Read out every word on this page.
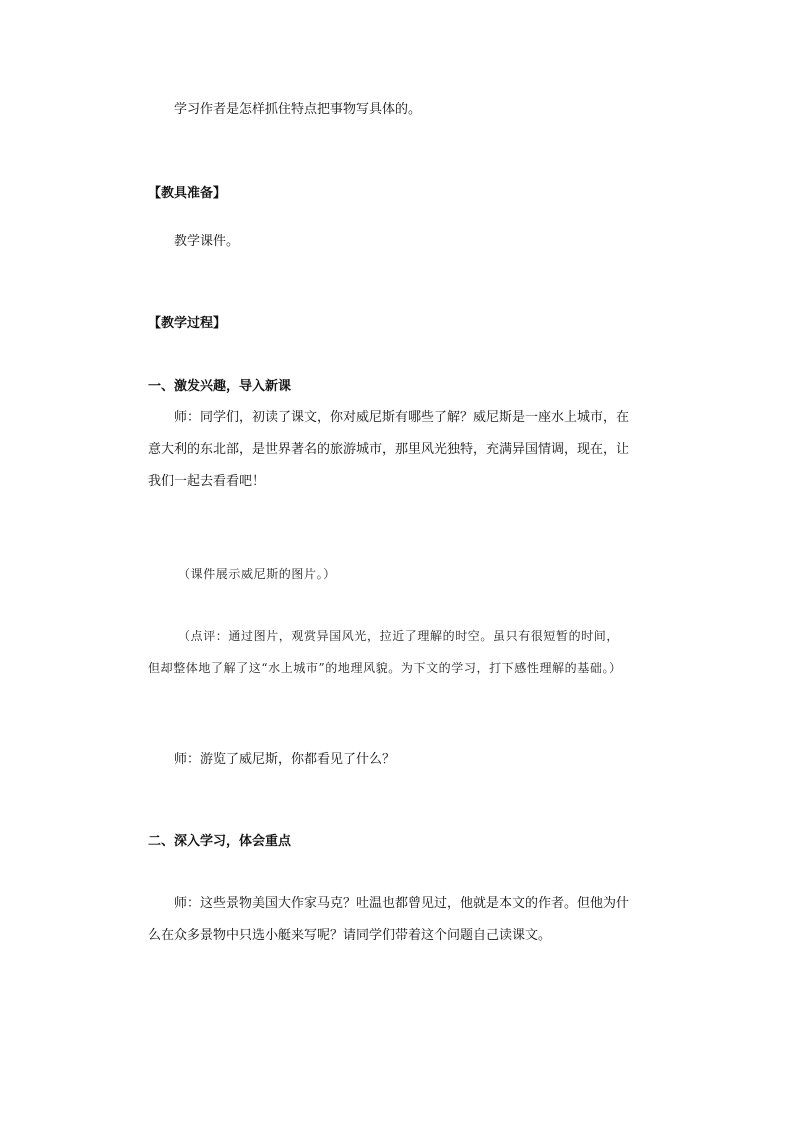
学习作者是怎样抓住特点把事物写具体的。
【教具准备】
教学课件。
【教学过程】
一、激发兴趣，导入新课
师：同学们，初读了课文，你对威尼斯有哪些了解？威尼斯是一座水上城市，在意大利的东北部，是世界著名的旅游城市，那里风光独特，充满异国情调，现在，让我们一起去看看吧！
（课件展示威尼斯的图片。）
（点评：通过图片，观赏异国风光，拉近了理解的时空。虽只有很短暂的时间，但却整体地了解了这“水上城市”的地理风貌。为下文的学习，打下感性理解的基础。）
师：游览了威尼斯，你都看见了什么？
二、深入学习，体会重点
师：这些景物美国大作家马克？吐温也都曾见过，他就是本文的作者。但他为什么在众多景物中只选小艇来写呢？请同学们带着这个问题自己读课文。
